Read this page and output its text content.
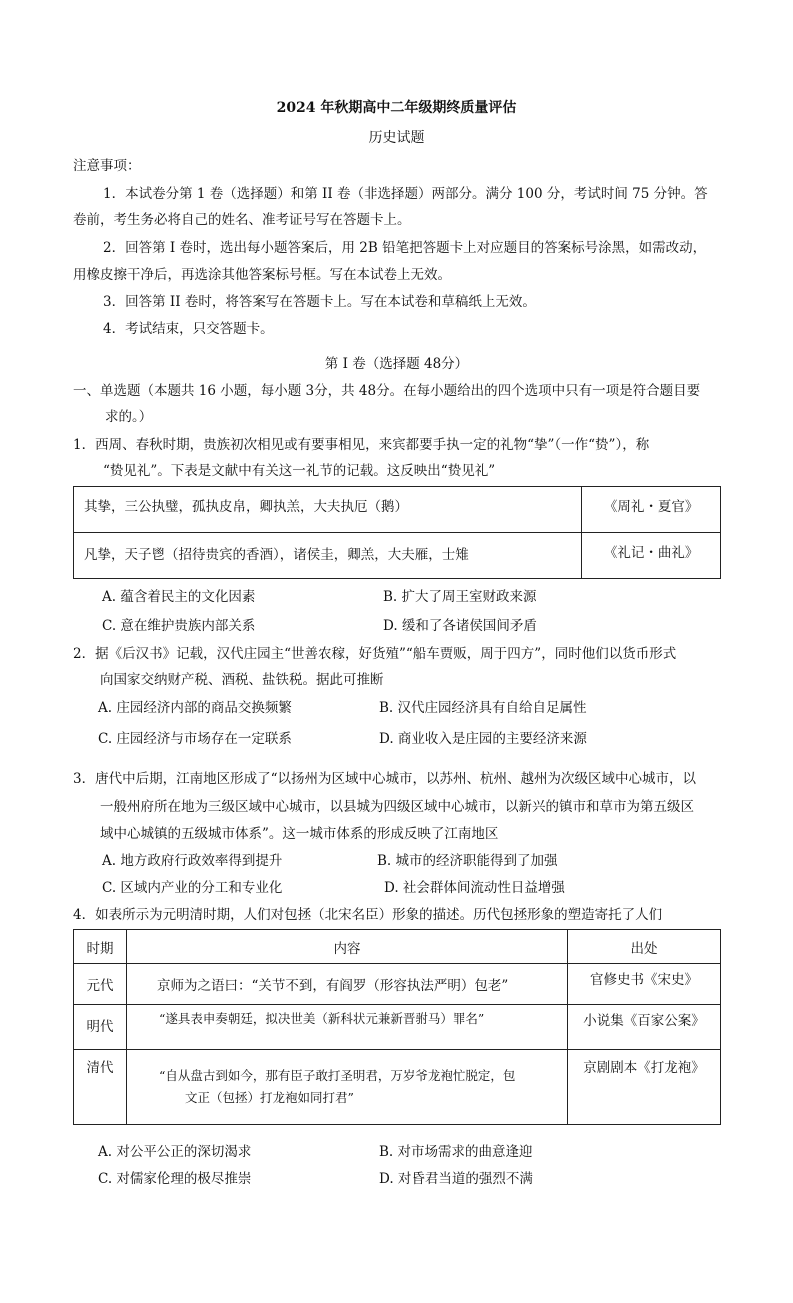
2024 年秋期高中二年级期终质量评估
历史试题
注意事项：
1．本试卷分第 1 卷（选择题）和第 II 卷（非选择题）两部分。满分 100 分，考试时间 75 分钟。答
卷前，考生务必将自己的姓名、准考证号写在答题卡上。
2．回答第 I 卷时，选出每小题答案后，用 2B 铅笔把答题卡上对应题目的答案标号涂黑，如需改动，
用橡皮擦干净后，再选涂其他答案标号框。写在本试卷上无效。
3．回答第 II 卷时，将答案写在答题卡上。写在本试卷和草稿纸上无效。
4．考试结束，只交答题卡。
第 I 卷（选择题 48分）
一、单选题（本题共 16 小题，每小题 3分，共 48分。在每小题给出的四个选项中只有一项是符合题目要
求的。）
1．西周、春秋时期，贵族初次相见或有要事相见，来宾都要手执一定的礼物“挚”（一作“贽”），称
“贽见礼”。下表是文献中有关这一礼节的记载。这反映出“贽见礼”
其挚，三公执璧，孤执皮帛，卿执羔，大夫执厄（鹅）	《周礼・夏官》

凡挚，天子鬯（招待贵宾的香酒），诸侯圭，卿羔，大夫雁，士雉	《礼记・曲礼》
A. 蕴含着民主的文化因素	B. 扩大了周王室财政来源
C. 意在维护贵族内部关系	D. 缓和了各诸侯国间矛盾
2．据《后汉书》记载，汉代庄园主“世善农稼，好货殖”“船车贾贩，周于四方”，同时他们以货币形式
向国家交纳财产税、酒税、盐铁税。据此可推断
A. 庄园经济内部的商品交换频繁	B. 汉代庄园经济具有自给自足属性
C. 庄园经济与市场存在一定联系	D. 商业收入是庄园的主要经济来源
3．唐代中后期，江南地区形成了“以扬州为区域中心城市，以苏州、杭州、越州为次级区域中心城市，以
一般州府所在地为三级区域中心城市，以县城为四级区域中心城市，以新兴的镇市和草市为第五级区
域中心城镇的五级城市体系”。这一城市体系的形成反映了江南地区
A. 地方政府行政效率得到提升	B. 城市的经济职能得到了加强
C. 区域内产业的分工和专业化	D. 社会群体间流动性日益增强
4．如表所示为元明清时期，人们对包拯（北宋名臣）形象的描述。历代包拯形象的塑造寄托了人们
时期	内容	出处

元代	京师为之语曰：“关节不到，有阎罗（形容执法严明）包老”	官修史书《宋史》

明代	“遂具表申奏朝廷，拟决世美（新科状元兼新晋驸马）罪名”	小说集《百家公案》

清代	“自从盘古到如今，那有臣子敢打圣明君，万岁爷龙袍忙脱定，包
文正（包拯）打龙袍如同打君”	京剧剧本《打龙袍》
A. 对公平公正的深切渴求	B. 对市场需求的曲意逢迎
C. 对儒家伦理的极尽推崇	D. 对昏君当道的强烈不满
